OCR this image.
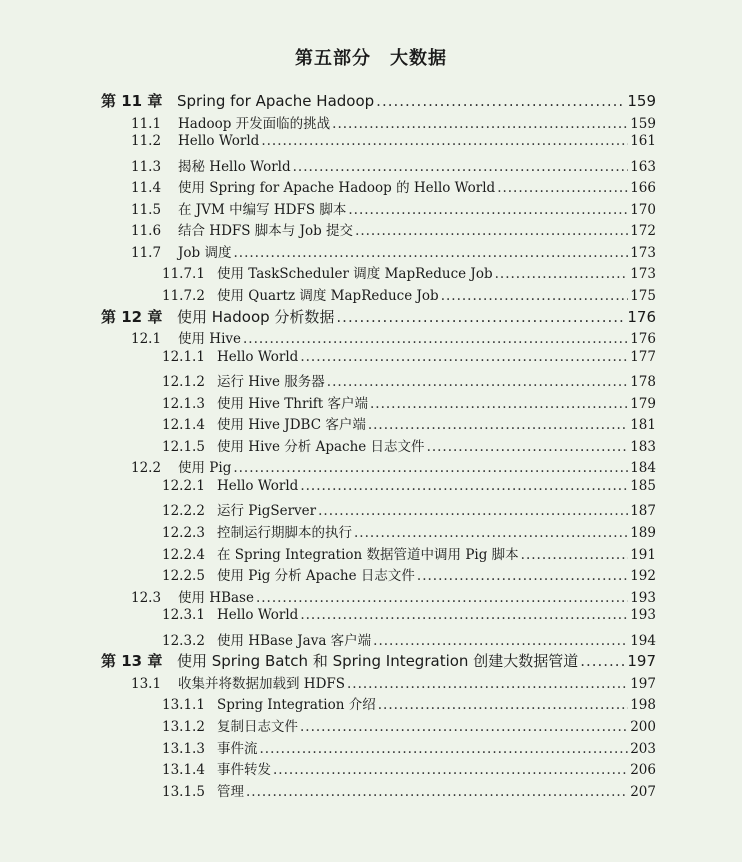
第五部分　大数据
第 11 章 Spring for Apache Hadoop .....	159
11.1	Hadoop 开发面临的挑战 .....	159
11.2	Hello World .....	161
11.3	揭秘 Hello World .....	163
11.4	使用 Spring for Apache Hadoop 的 Hello World .....	166
11.5	在 JVM 中编写 HDFS 脚本 .....	170
11.6	结合 HDFS 脚本与 Job 提交 .....	172
11.7	Job 调度 .....	173
11.7.1 使用 TaskScheduler 调度 MapReduce Job .....	173
11.7.2 使用 Quartz 调度 MapReduce Job .....	175
第 12 章 使用 Hadoop 分析数据 .....	176
12.1	使用 Hive .....	176
12.1.1 Hello World .....	177
12.1.2 运行 Hive 服务器 .....	178
12.1.3 使用 Hive Thrift 客户端 .....	179
12.1.4 使用 Hive JDBC 客户端 .....	181
12.1.5 使用 Hive 分析 Apache 日志文件 .....	183
12.2	使用 Pig .....	184
12.2.1 Hello World .....	185
12.2.2 运行 PigServer .....	187
12.2.3 控制运行期脚本的执行 .....	189
12.2.4 在 Spring Integration 数据管道中调用 Pig 脚本 .....	191
12.2.5 使用 Pig 分析 Apache 日志文件 .....	192
12.3	使用 HBase .....	193
12.3.1 Hello World .....	193
12.3.2 使用 HBase Java 客户端 .....	194
第 13 章 使用 Spring Batch 和 Spring Integration 创建大数据管道 .....	197
13.1	收集并将数据加载到 HDFS .....	197
13.1.1 Spring Integration 介绍 .....	198
13.1.2 复制日志文件 .....	200
13.1.3 事件流 .....	203
13.1.4 事件转发 .....	206
13.1.5 管理 .....	207
